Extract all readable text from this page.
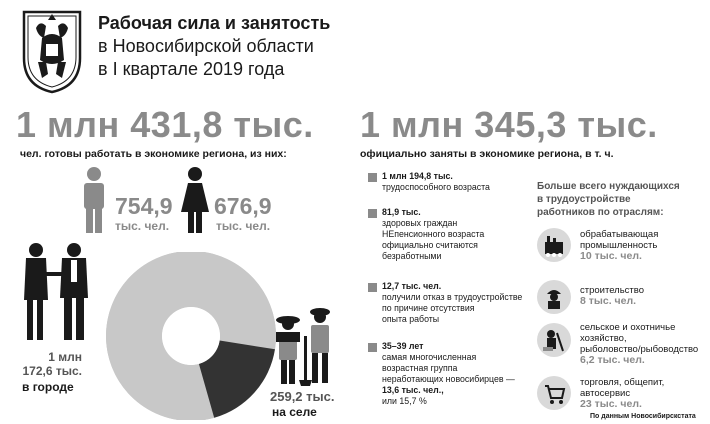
Рабочая сила и занятость
в Новосибирской области
в I квартале 2019 года
1 млн 431,8 тыс.
чел. готовы работать в экономике региона, из них:
754,9
тыс. чел.
676,9
тыс. чел.
1 млн
172,6 тыс.
в городе
259,2 тыс.
на селе
1 млн 345,3 тыс.
официально заняты в экономике региона, в т. ч.
1 млн 194,8 тыс.
трудоспособного возраста
81,9 тыс.
здоровых граждан
НЕпенсионного возраста
официально считаются
безработными
12,7 тыс. чел.
получили отказ в трудоустройстве
по причине отсутствия
опыта работы
35–39 лет
самая многочисленная
возрастная группа
неработающих новосибирцев —
13,6 тыс. чел.,
или 15,7 %
Больше всего нуждающихся
в трудоустройстве
работников по отраслям:
обрабатывающая
промышленность
10 тыс. чел.
строительство
8 тыс. чел.
сельское и охотничье
хозяйство,
рыболовство/рыбоводство
6,2 тыс. чел.
торговля, общепит,
автосервис
23 тыс. чел.
По данным Новосибирскстата
